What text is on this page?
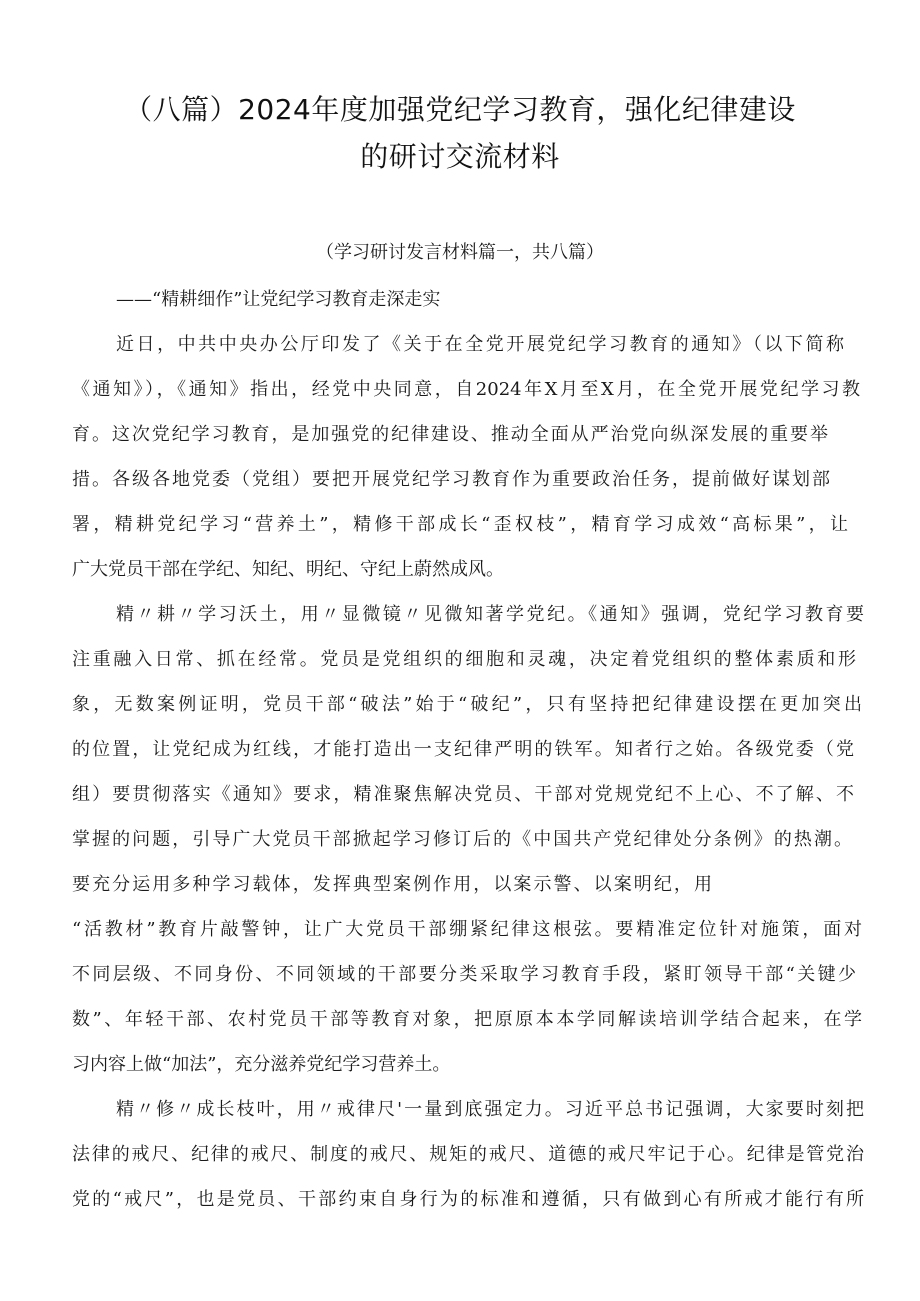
（八篇）2024年度加强党纪学习教育，强化纪律建设
的研讨交流材料
（学习研讨发言材料篇一，共八篇）
——“精耕细作”让党纪学习教育走深走实
近日，中共中央办公厅印发了《关于在全党开展党纪学习教育的通知》（以下简称
《通知》），《通知》指出，经党中央同意，自2024年X月至X月，在全党开展党纪学习教
育。这次党纪学习教育，是加强党的纪律建设、推动全面从严治党向纵深发展的重要举
措。各级各地党委（党组）要把开展党纪学习教育作为重要政治任务，提前做好谋划部
署，精耕党纪学习“营养土”，精修干部成长“歪权枝”，精育学习成效“高标果”，让
广大党员干部在学纪、知纪、明纪、守纪上蔚然成风。
精〃耕〃学习沃土，用〃显微镜〃见微知著学党纪。《通知》强调，党纪学习教育要
注重融入日常、抓在经常。党员是党组织的细胞和灵魂，决定着党组织的整体素质和形
象，无数案例证明，党员干部“破法”始于“破纪”，只有坚持把纪律建设摆在更加突出
的位置，让党纪成为红线，才能打造出一支纪律严明的铁军。知者行之始。各级党委（党
组）要贯彻落实《通知》要求，精准聚焦解决党员、干部对党规党纪不上心、不了解、不
掌握的问题，引导广大党员干部掀起学习修订后的《中国共产党纪律处分条例》的热潮。
要充分运用多种学习载体，发挥典型案例作用，以案示警、以案明纪，用
“活教材”教育片敲警钟，让广大党员干部绷紧纪律这根弦。要精准定位针对施策，面对
不同层级、不同身份、不同领域的干部要分类采取学习教育手段，紧盯领导干部“关键少
数”、年轻干部、农村党员干部等教育对象，把原原本本学同解读培训学结合起来，在学
习内容上做“加法”，充分滋养党纪学习营养土。
精〃修〃成长枝叶，用〃戒律尺'一量到底强定力。习近平总书记强调，大家要时刻把
法律的戒尺、纪律的戒尺、制度的戒尺、规矩的戒尺、道德的戒尺牢记于心。纪律是管党治
党的“戒尺”，也是党员、干部约束自身行为的标准和遵循，只有做到心有所戒才能行有所
